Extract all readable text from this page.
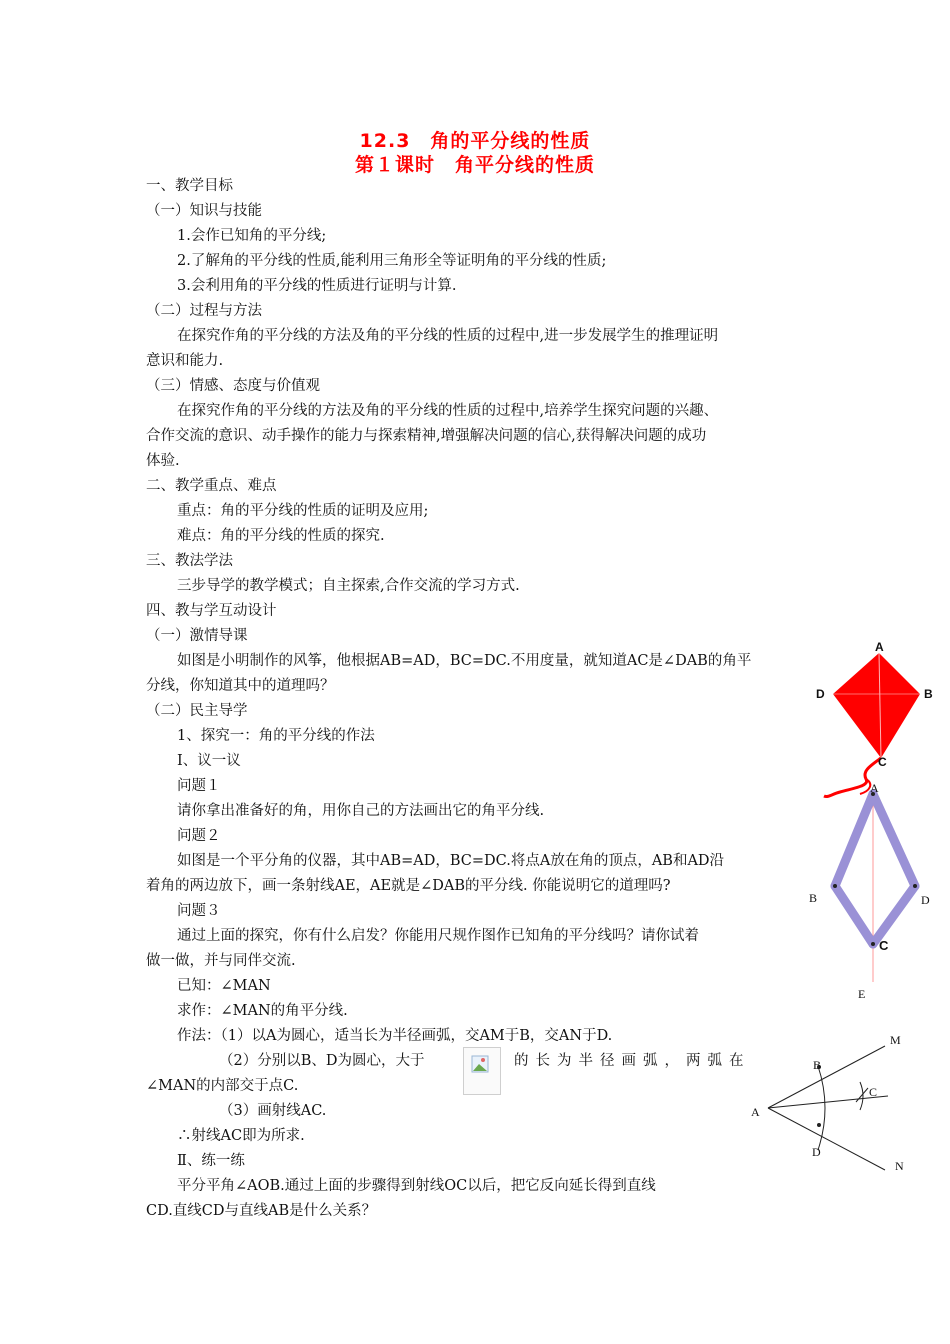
12.3　角的平分线的性质
第１课时　角平分线的性质
一、教学目标
（一）知识与技能
1.会作已知角的平分线;
2.了解角的平分线的性质,能利用三角形全等证明角的平分线的性质;
3.会利用角的平分线的性质进行证明与计算.
（二）过程与方法
在探究作角的平分线的方法及角的平分线的性质的过程中,进一步发展学生的推理证明
意识和能力.
（三）情感、态度与价值观
在探究作角的平分线的方法及角的平分线的性质的过程中,培养学生探究问题的兴趣、
合作交流的意识、动手操作的能力与探索精神,增强解决问题的信心,获得解决问题的成功
体验.
二、教学重点、难点
重点：角的平分线的性质的证明及应用;
难点：角的平分线的性质的探究.
三、教法学法
三步导学的教学模式；自主探索,合作交流的学习方式.
四、教与学互动设计
（一）激情导课
如图是小明制作的风筝，他根据AB=AD，BC=DC.不用度量，就知道AC是∠DAB的角平
分线，你知道其中的道理吗？
（二）民主导学
1、探究一：角的平分线的作法
Ⅰ、议一议
问题１
请你拿出准备好的角，用你自己的方法画出它的角平分线.
问题２
如图是一个平分角的仪器，其中AB=AD，BC=DC.将点A放在角的顶点，AB和AD沿
着角的两边放下，画一条射线AE，AE就是∠DAB的平分线. 你能说明它的道理吗?
问题３
通过上面的探究，你有什么启发？你能用尺规作图作已知角的平分线吗？请你试着
做一做，并与同伴交流.
已知：∠MAN
求作：∠MAN的角平分线.
作法：（1）以A为圆心，适当长为半径画弧，交AM于B，交AN于D.
（2）分别以B、D为圆心，大于	的长为半径画弧，两弧在
∠MAN的内部交于点C.
（3）画射线AC.
∴射线AC即为所求.
Ⅱ、练一练
平分平角∠AOB.通过上面的步骤得到射线OC以后，把它反向延长得到直线
CD.直线CD与直线AB是什么关系？
A
B
C
D
A
B
C
D
E
M
N
A
B
C
D
